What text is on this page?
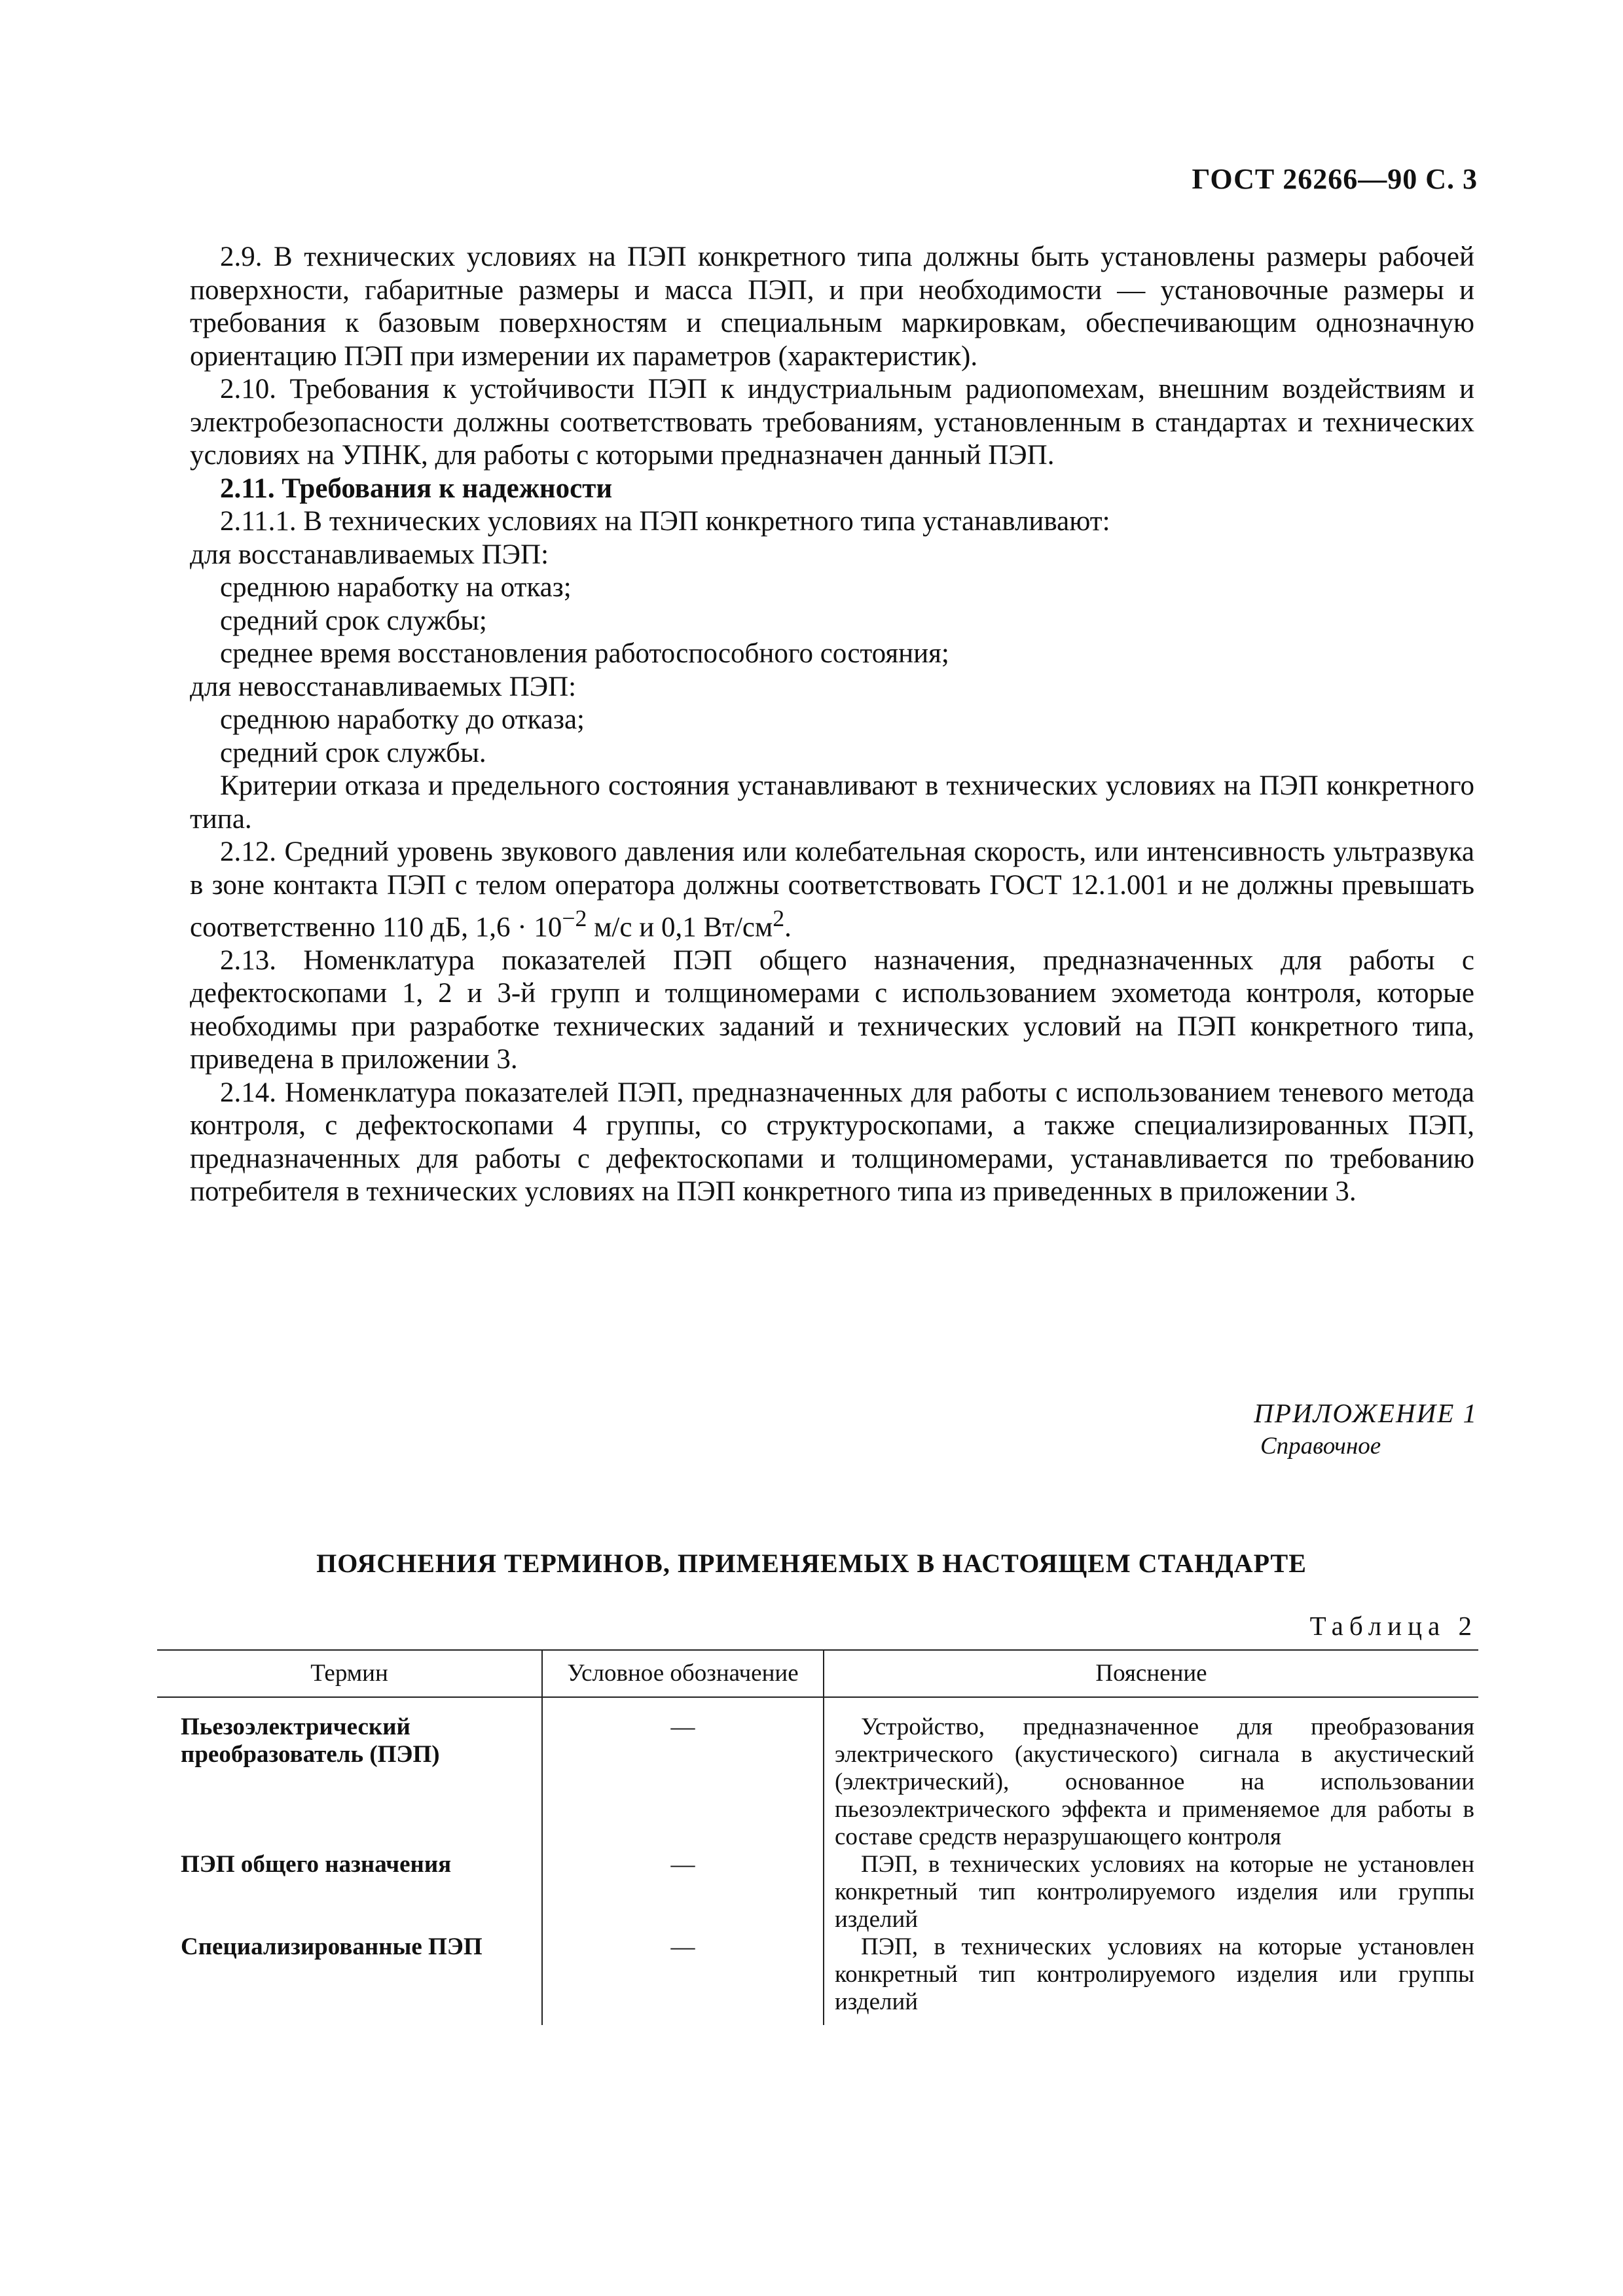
ГОСТ 26266—90 С. 3

2.9. В технических условиях на ПЭП конкретного типа должны быть установлены размеры рабочей поверхности, габаритные размеры и масса ПЭП, и при необходимости — установочные размеры и требования к базовым поверхностям и специальным маркировкам, обеспечивающим однозначную ориентацию ПЭП при измерении их параметров (характеристик).

2.10. Требования к устойчивости ПЭП к индустриальным радиопомехам, внешним воздействиям и электробезопасности должны соответствовать требованиям, установленным в стандартах и технических условиях на УПНК, для работы с которыми предназначен данный ПЭП.

2.11. Требования к надежности

2.11.1. В технических условиях на ПЭП конкретного типа устанавливают:

для восстанавливаемых ПЭП:

среднюю наработку на отказ;

средний срок службы;

среднее время восстановления работоспособного состояния;

для невосстанавливаемых ПЭП:

среднюю наработку до отказа;

средний срок службы.

Критерии отказа и предельного состояния устанавливают в технических условиях на ПЭП конкретного типа.

2.12. Средний уровень звукового давления или колебательная скорость, или интенсивность ультразвука в зоне контакта ПЭП с телом оператора должны соответствовать ГОСТ 12.1.001 и не должны превышать соответственно 110 дБ, $1,6 \cdot 10^{-2}$ м/с и 0,1 $Вт/см^2$.

2.13. Номенклатура показателей ПЭП общего назначения, предназначенных для работы с дефектоскопами 1, 2 и 3-й групп и толщиномерами с использованием эхометода контроля, которые необходимы при разработке технических заданий и технических условий на ПЭП конкретного типа, приведена в приложении 3.

2.14. Номенклатура показателей ПЭП, предназначенных для работы с использованием теневого метода контроля, с дефектоскопами 4 группы, со структуроскопами, а также специализированных ПЭП, предназначенных для работы с дефектоскопами и толщиномерами, устанавливается по требованию потребителя в технических условиях на ПЭП конкретного типа из приведенных в приложении 3.

ПРИЛОЖЕНИЕ 1
Справочное
ПОЯСНЕНИЯ ТЕРМИНОВ, ПРИМЕНЯЕМЫХ В НАСТОЯЩЕМ СТАНДАРТЕ
Таблица 2
Термин	Условное обозначение	Пояснение
Пьезоэлектрический преобразователь (ПЭП)	—	Устройство, предназначенное для преобразования электрического (акустического) сигнала в акустический (электрический), основанное на использовании пьезоэлектрического эффекта и применяемое для работы в составе средств неразрушающего контроля

ПЭП общего назначения	—	ПЭП, в технических условиях на которые не установлен конкретный тип контролируемого изделия или группы изделий

Специализированные ПЭП	—	ПЭП, в технических условиях на которые установлен конкретный тип контролируемого изделия или группы изделий
